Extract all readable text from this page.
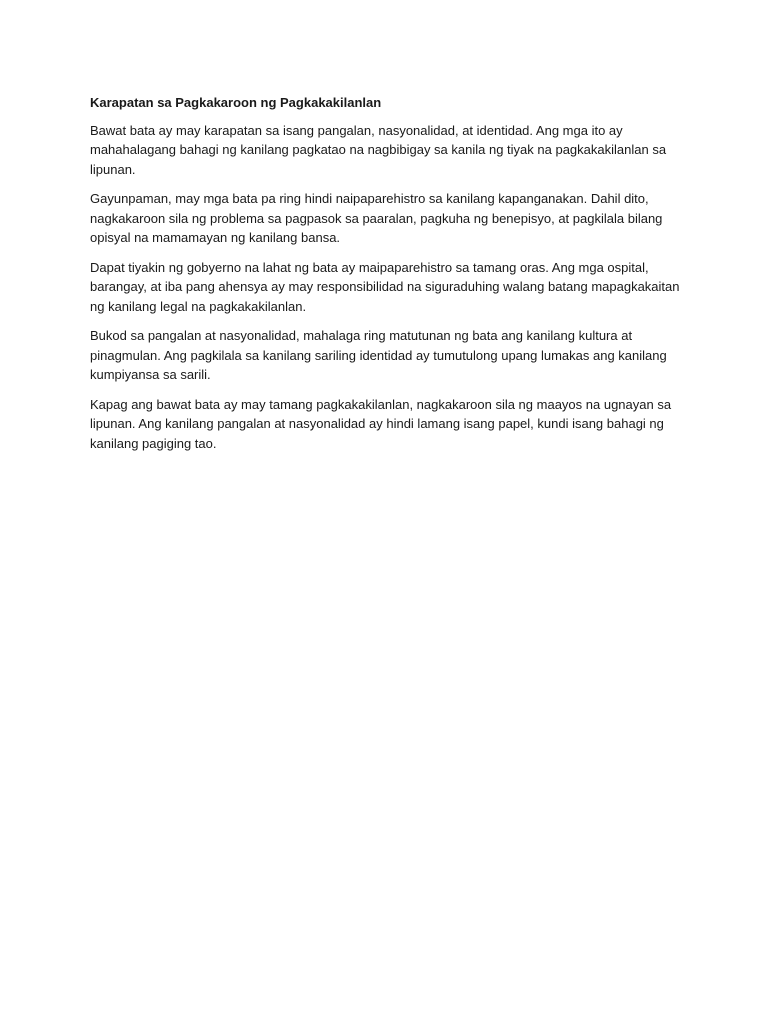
Karapatan sa Pagkakaroon ng Pagkakakilanlan

Bawat bata ay may karapatan sa isang pangalan, nasyonalidad, at identidad. Ang mga ito ay mahahalagang bahagi ng kanilang pagkatao na nagbibigay sa kanila ng tiyak na pagkakakilanlan sa lipunan.

Gayunpaman, may mga bata pa ring hindi naipaparehistro sa kanilang kapanganakan. Dahil dito, nagkakaroon sila ng problema sa pagpasok sa paaralan, pagkuha ng benepisyo, at pagkilala bilang opisyal na mamamayan ng kanilang bansa.

Dapat tiyakin ng gobyerno na lahat ng bata ay maipaparehistro sa tamang oras. Ang mga ospital, barangay, at iba pang ahensya ay may responsibilidad na siguraduhing walang batang mapagkakaitan ng kanilang legal na pagkakakilanlan.

Bukod sa pangalan at nasyonalidad, mahalaga ring matutunan ng bata ang kanilang kultura at pinagmulan. Ang pagkilala sa kanilang sariling identidad ay tumutulong upang lumakas ang kanilang kumpiyansa sa sarili.

Kapag ang bawat bata ay may tamang pagkakakilanlan, nagkakaroon sila ng maayos na ugnayan sa lipunan. Ang kanilang pangalan at nasyonalidad ay hindi lamang isang papel, kundi isang bahagi ng kanilang pagiging tao.
